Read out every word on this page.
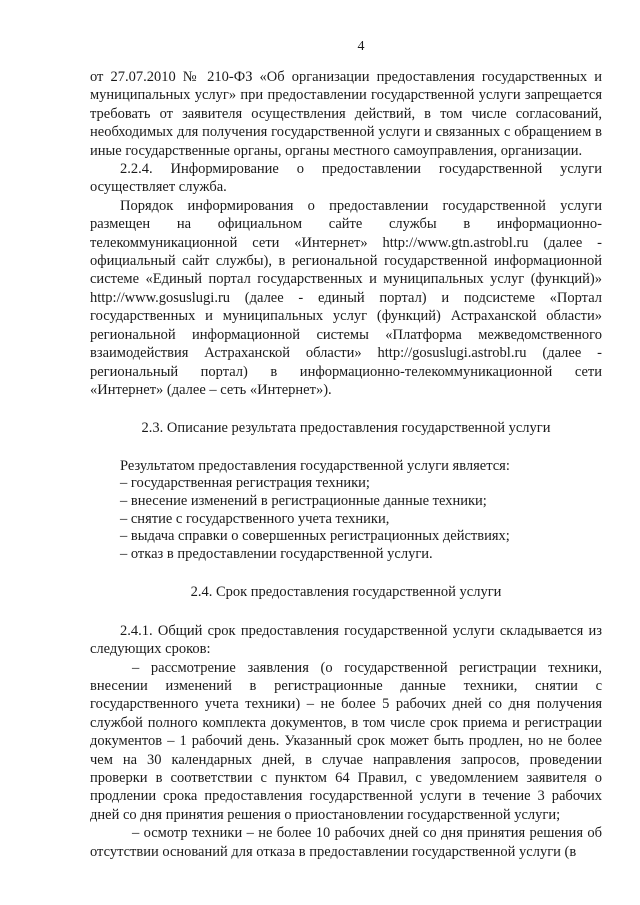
4

от 27.07.2010 № 210-ФЗ «Об организации предоставления государственных и муниципальных услуг» при предоставлении государственной услуги запрещается требовать от заявителя осуществления действий, в том числе согласований, необходимых для получения государственной услуги и связанных с обращением в иные государственные органы, органы местного самоуправления, организации.

2.2.4. Информирование о предоставлении государственной услуги осуществляет служба.

Порядок информирования о предоставлении государственной услуги размещен на официальном сайте службы в информационно-телекоммуникационной сети «Интернет» http://www.gtn.astrobl.ru (далее - официальный сайт службы), в региональной государственной информационной системе «Единый портал государственных и муниципальных услуг (функций)» http://www.gosuslugi.ru (далее - единый портал) и подсистеме «Портал государственных и муниципальных услуг (функций) Астраханской области» региональной информационной системы «Платформа межведомственного взаимодействия Астраханской области» http://gosuslugi.astrobl.ru (далее - региональный портал) в информационно-телекоммуникационной сети «Интернет» (далее – сеть «Интернет»).

2.3. Описание результата предоставления государственной услуги

Результатом предоставления государственной услуги является:

– государственная регистрация техники;

– внесение изменений в регистрационные данные техники;

– снятие с государственного учета техники,

– выдача справки о совершенных регистрационных действиях;

– отказ в предоставлении государственной услуги.

2.4. Срок предоставления государственной услуги

2.4.1. Общий срок предоставления государственной услуги складывается из следующих сроков:

– рассмотрение заявления (о государственной регистрации техники, внесении изменений в регистрационные данные техники, снятии с государственного учета техники) – не более 5 рабочих дней со дня получения службой полного комплекта документов, в том числе срок приема и регистрации документов – 1 рабочий день. Указанный срок может быть продлен, но не более чем на 30 календарных дней, в случае направления запросов, проведении проверки в соответствии с пунктом 64 Правил, с уведомлением заявителя о продлении срока предоставления государственной услуги в течение 3 рабочих дней со дня принятия решения о приостановлении государственной услуги;

– осмотр техники – не более 10 рабочих дней со дня принятия решения об отсутствии оснований для отказа в предоставлении государственной услуги (в
